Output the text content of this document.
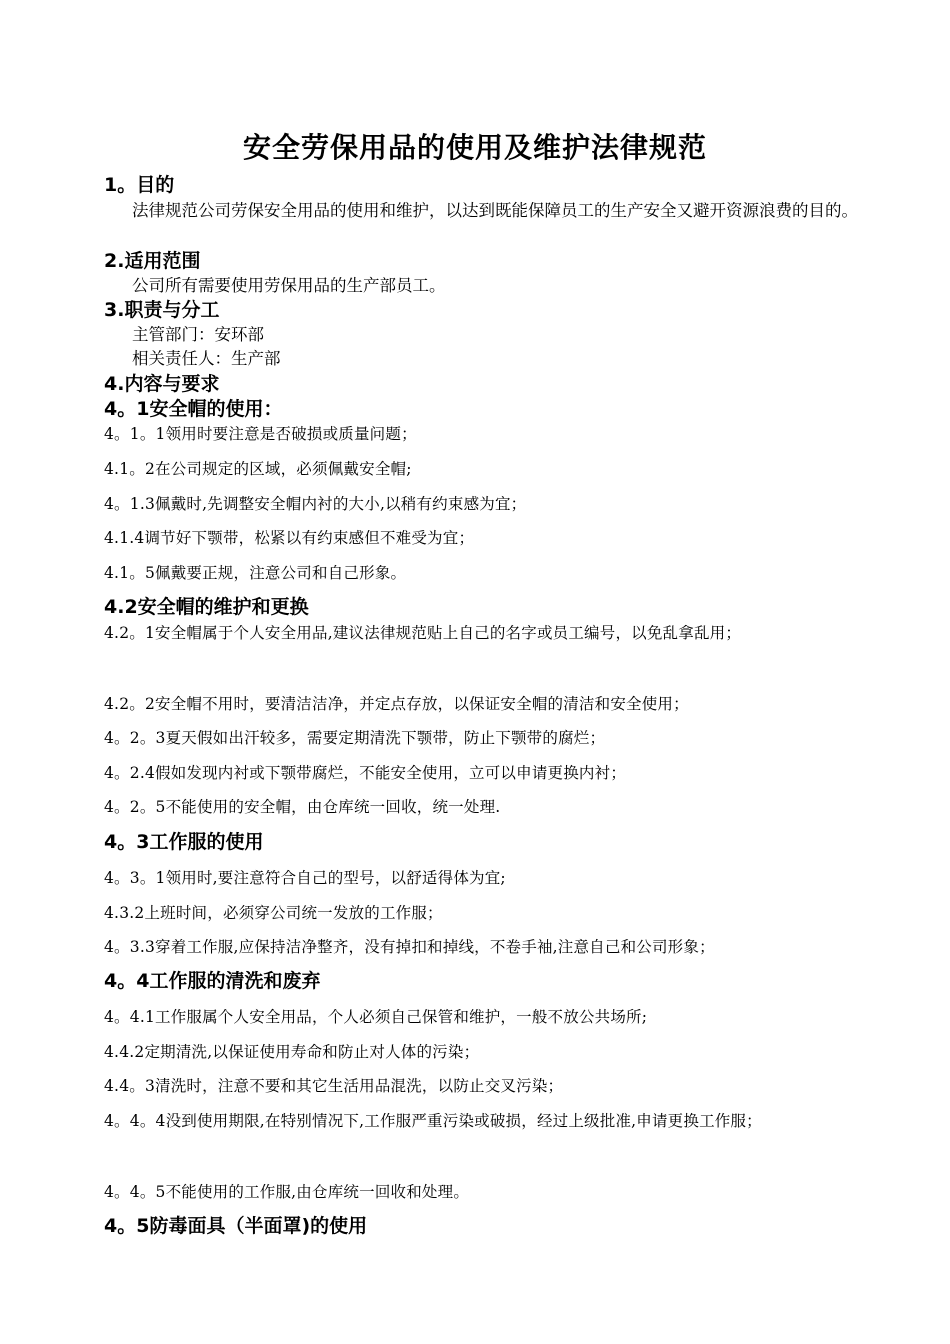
安全劳保用品的使用及维护法律规范
1。目的
法律规范公司劳保安全用品的使用和维护，以达到既能保障员工的生产安全又避开资源浪费的目的。
2.适用范围
公司所有需要使用劳保用品的生产部员工。
3.职责与分工
主管部门：安环部
相关责任人：生产部
4.内容与要求
4。1安全帽的使用：
4。1。1领用时要注意是否破损或质量问题；
4.1。2在公司规定的区域，必须佩戴安全帽;
4。1.3佩戴时,先调整安全帽内衬的大小,以稍有约束感为宜；
4.1.4调节好下颚带，松紧以有约束感但不难受为宜；
4.1。5佩戴要正规，注意公司和自己形象。
4.2安全帽的维护和更换
4.2。1安全帽属于个人安全用品,建议法律规范贴上自己的名字或员工编号，以免乱拿乱用；
4.2。2安全帽不用时，要清洁洁净，并定点存放，以保证安全帽的清洁和安全使用；
4。2。3夏天假如出汗较多，需要定期清洗下颚带，防止下颚带的腐烂；
4。2.4假如发现内衬或下颚带腐烂，不能安全使用，立可以申请更换内衬；
4。2。5不能使用的安全帽，由仓库统一回收，统一处理.
4。3工作服的使用
4。3。1领用时,要注意符合自己的型号，以舒适得体为宜;
4.3.2上班时间，必须穿公司统一发放的工作服；
4。3.3穿着工作服,应保持洁净整齐，没有掉扣和掉线，不卷手袖,注意自己和公司形象；
4。4工作服的清洗和废弃
4。4.1工作服属个人安全用品，个人必须自己保管和维护，一般不放公共场所;
4.4.2定期清洗,以保证使用寿命和防止对人体的污染；
4.4。3清洗时，注意不要和其它生活用品混洗，以防止交叉污染；
4。4。4没到使用期限,在特别情况下,工作服严重污染或破损，经过上级批准,申请更换工作服；
4。4。5不能使用的工作服,由仓库统一回收和处理。
4。5防毒面具（半面罩)的使用
